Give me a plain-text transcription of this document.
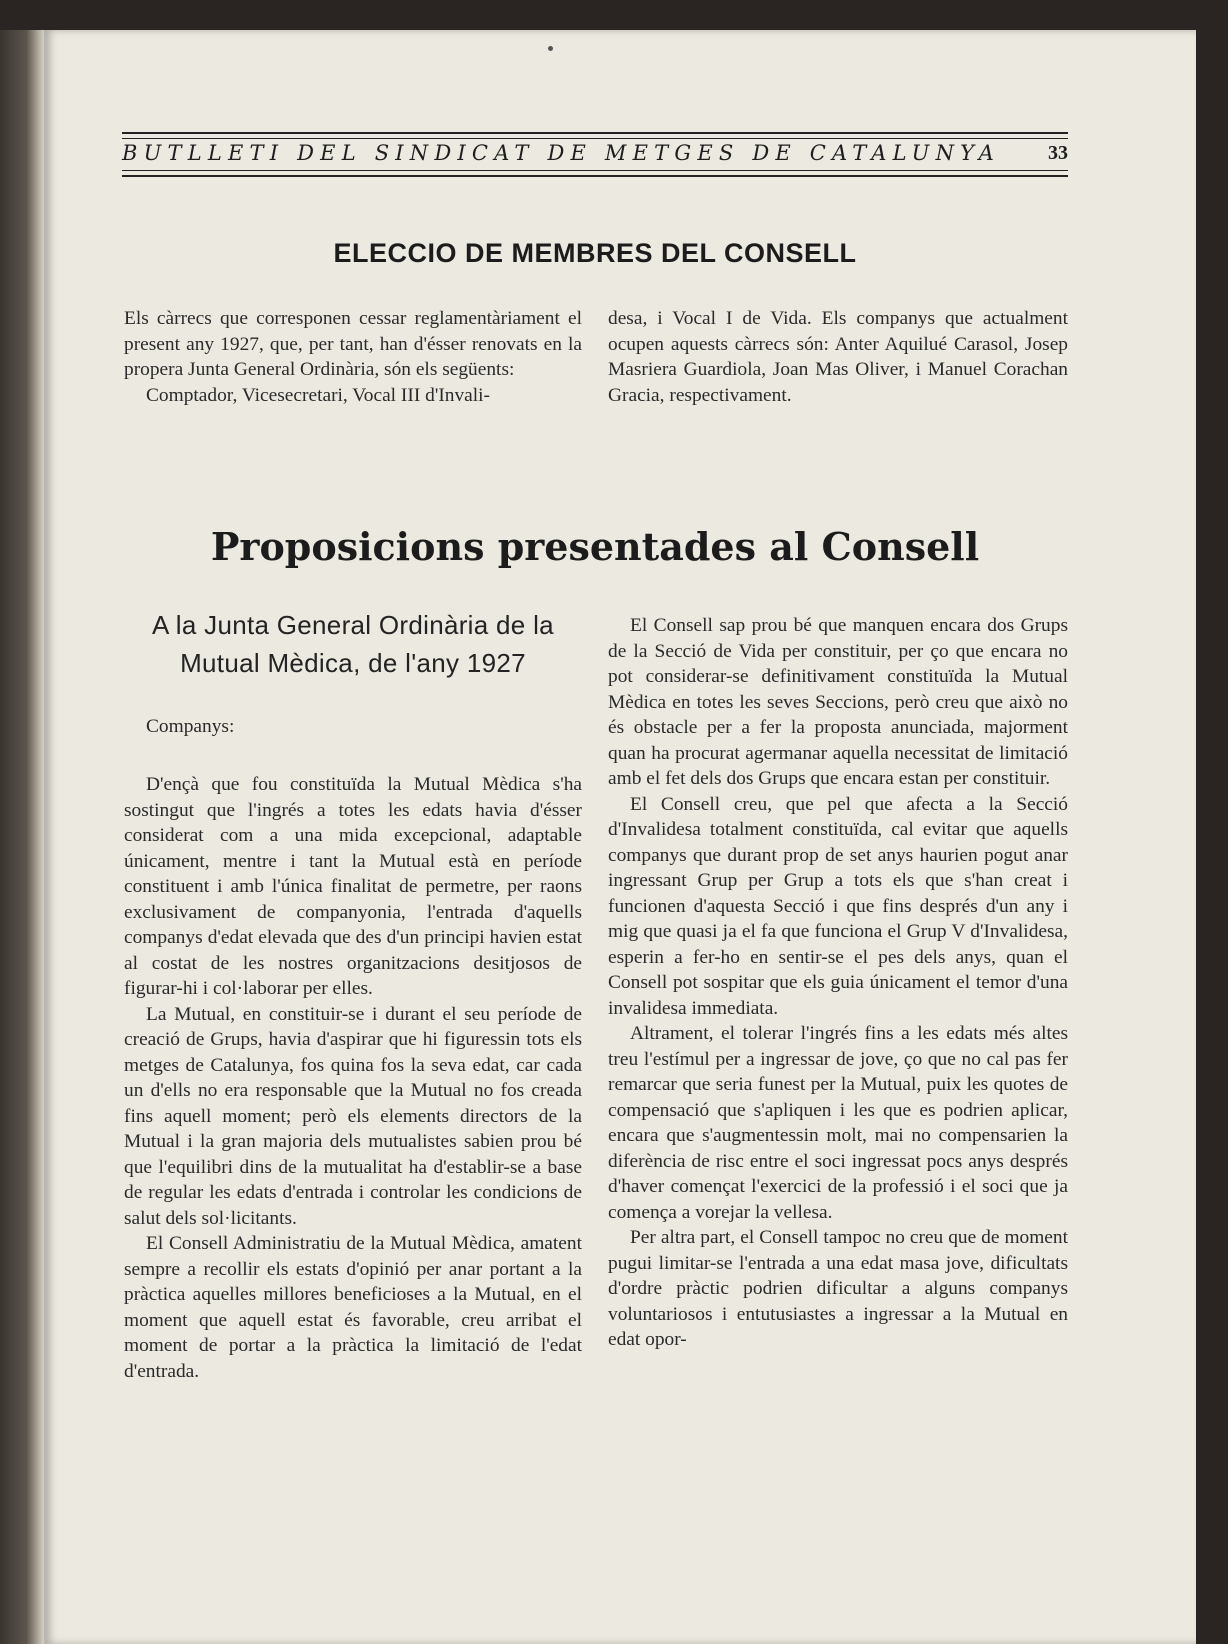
BUTLLETI DEL SINDICAT DE METGES DE CATALUNYA	33
ELECCIO DE MEMBRES DEL CONSELL

Els càrrecs que corresponen cessar reglamentàriament el present any 1927, que, per tant, han d'ésser renovats en la propera Junta General Ordinària, són els següents:

Comptador, Vicesecretari, Vocal III d'Invali-

desa, i Vocal I de Vida. Els companys que actualment ocupen aquests càrrecs són: Anter Aquilué Carasol, Josep Masriera Guardiola, Joan Mas Oliver, i Manuel Corachan Gracia, respectivament.

Proposicions presentades al Consell
A la Junta General Ordinària de la
Mutual Mèdica, de l'any 1927
Companys:

D'ençà que fou constituïda la Mutual Mèdica s'ha sostingut que l'ingrés a totes les edats havia d'ésser considerat com a una mida excepcional, adaptable únicament, mentre i tant la Mutual està en període constituent i amb l'única finalitat de permetre, per raons exclusivament de companyonia, l'entrada d'aquells companys d'edat elevada que des d'un principi havien estat al costat de les nostres organitzacions desitjosos de figurar-hi i col·laborar per elles.

La Mutual, en constituir-se i durant el seu període de creació de Grups, havia d'aspirar que hi figuressin tots els metges de Catalunya, fos quina fos la seva edat, car cada un d'ells no era responsable que la Mutual no fos creada fins aquell moment; però els elements directors de la Mutual i la gran majoria dels mutualistes sabien prou bé que l'equilibri dins de la mutualitat ha d'establir-se a base de regular les edats d'entrada i controlar les condicions de salut dels sol·licitants.

El Consell Administratiu de la Mutual Mèdica, amatent sempre a recollir els estats d'opinió per anar portant a la pràctica aquelles millores beneficioses a la Mutual, en el moment que aquell estat és favorable, creu arribat el moment de portar a la pràctica la limitació de l'edat d'entrada.

El Consell sap prou bé que manquen encara dos Grups de la Secció de Vida per constituir, per ço que encara no pot considerar-se definitivament constituïda la Mutual Mèdica en totes les seves Seccions, però creu que això no és obstacle per a fer la proposta anunciada, majorment quan ha procurat agermanar aquella necessitat de limitació amb el fet dels dos Grups que encara estan per constituir.

El Consell creu, que pel que afecta a la Secció d'Invalidesa totalment constituïda, cal evitar que aquells companys que durant prop de set anys haurien pogut anar ingressant Grup per Grup a tots els que s'han creat i funcionen d'aquesta Secció i que fins després d'un any i mig que quasi ja el fa que funciona el Grup V d'Invalidesa, esperin a fer-ho en sentir-se el pes dels anys, quan el Consell pot sospitar que els guia únicament el temor d'una invalidesa immediata.

Altrament, el tolerar l'ingrés fins a les edats més altes treu l'estímul per a ingressar de jove, ço que no cal pas fer remarcar que seria funest per la Mutual, puix les quotes de compensació que s'apliquen i les que es podrien aplicar, encara que s'augmentessin molt, mai no compensarien la diferència de risc entre el soci ingressat pocs anys després d'haver començat l'exercici de la professió i el soci que ja comença a vorejar la vellesa.

Per altra part, el Consell tampoc no creu que de moment pugui limitar-se l'entrada a una edat masa jove, dificultats d'ordre pràctic podrien dificultar a alguns companys voluntariosos i entutusiastes a ingressar a la Mutual en edat opor-
